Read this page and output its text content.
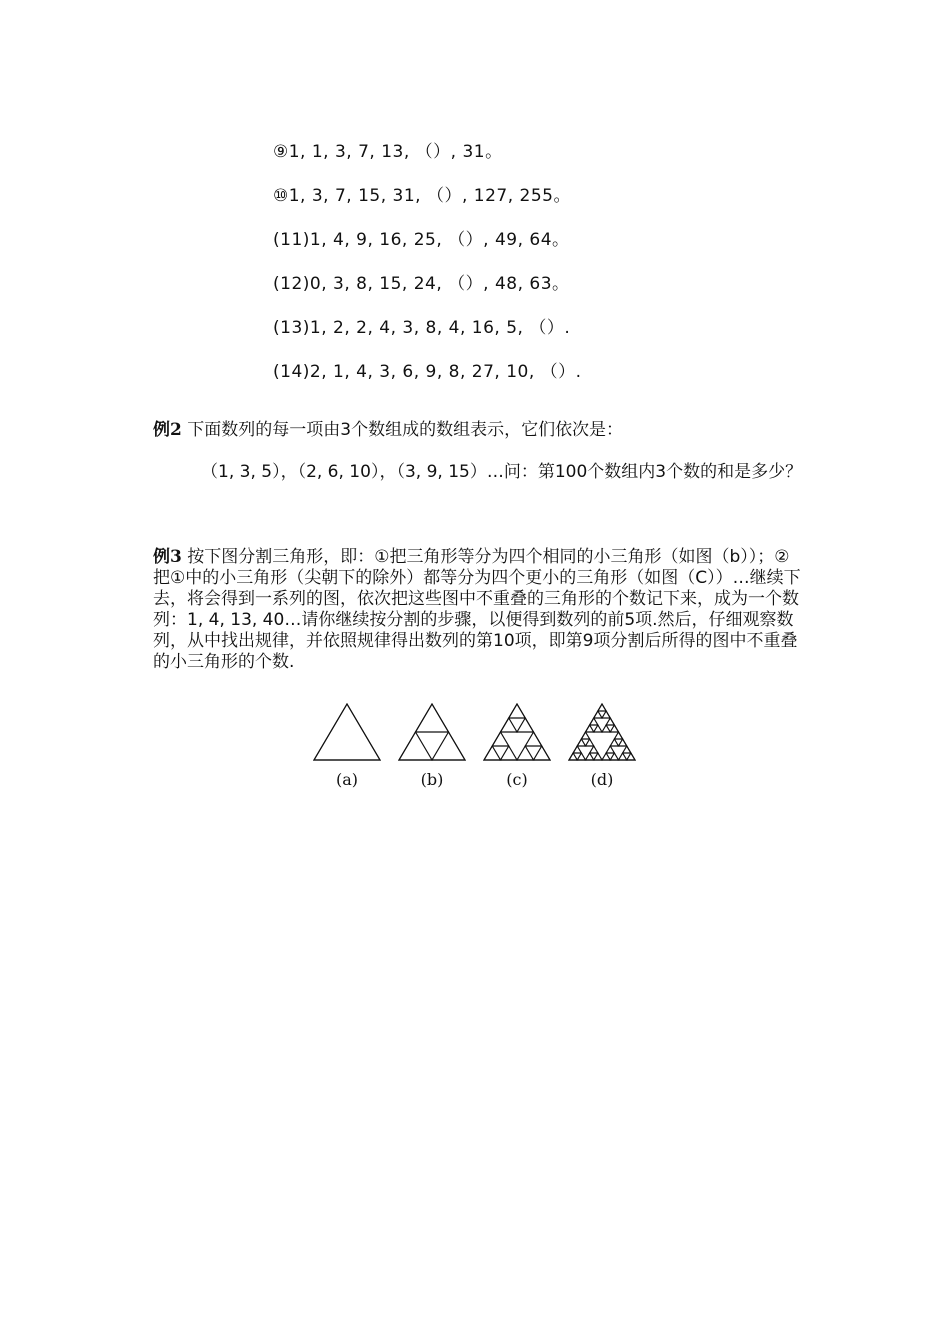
⑨1, 1, 3, 7, 13, （）, 31。
⑩1, 3, 7, 15, 31, （）, 127, 255。
(11)1, 4, 9, 16, 25, （）, 49, 64。
(12)0, 3, 8, 15, 24, （）, 48, 63。
(13)1, 2, 2, 4, 3, 8, 4, 16, 5, （）.
(14)2, 1, 4, 3, 6, 9, 8, 27, 10, （）.
例2 下面数列的每一项由3个数组成的数组表示，它们依次是：
（1, 3, 5），（2, 6, 10），（3, 9, 15）…问：第100个数组内3个数的和是多少？
例3 按下图分割三角形，即：①把三角形等分为四个相同的小三角形（如图（b））；②把①中的小三角形（尖朝下的除外）都等分为四个更小的三角形（如图（C））…继续下去，将会得到一系列的图，依次把这些图中不重叠的三角形的个数记下来，成为一个数列：1, 4, 13, 40…请你继续按分割的步骤，以便得到数列的前5项.然后，仔细观察数列，从中找出规律，并依照规律得出数列的第10项，即第9项分割后所得的图中不重叠的小三角形的个数.
(a)	(b)	(c)	(d)
